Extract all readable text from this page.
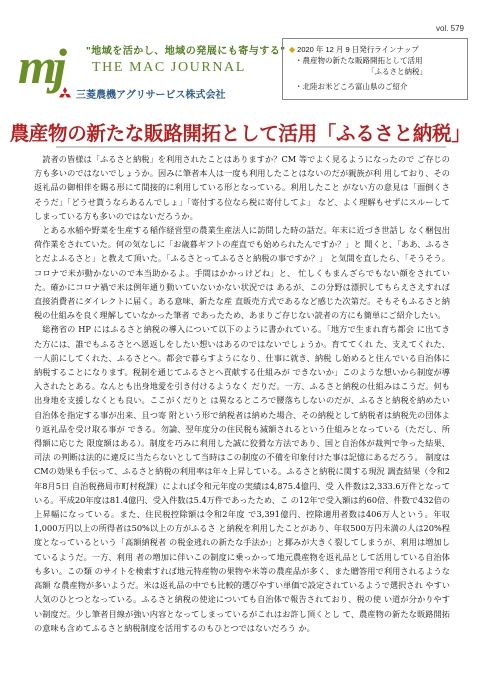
vol. 579
mj "地域を活かし、地域の発展にも寄与する"
THE MAC JOURNAL
三菱農機アグリサービス株式会社
◆ 2020 年 12 月 9 日発行ラインナップ
・農産物の新たな販路開拓として活用
「ふるさと納税」
・北陸お米どころ富山県のご紹介
農産物の新たな販路開拓として活用「ふるさと納税」

読者の皆様は「ふるさと納税」を利用されたことはありますか？CM 等でよく見るようになったので ご存じの方も多いのではないでしょうか。因みに筆者本人は一度も利用したことはないのだが親族が利 用しており、その返礼品の御相伴を賜る形にて間接的に利用している形となっている。利用したこと がない方の意見は「面倒くさそうだ」「どうせ貰うならあるんでしょ」「寄付する位なら税に寄付してよ」 など、よく理解もせずにスルーしてしまっている方も多いのではないだろうか。

とある水稲や野菜を生産する稲作経営型の農業生産法人に訪問した時の話だ。年末に近づき世話し なく梱包出荷作業をされていた。何の気なしに「お歳暮ギフトの産直でも始められたんですか？」と 聞くと、「ああ、ふるさとだよふるさと」と教えて頂いた。「ふるさとってふるさと納税の事ですか？」 と気間を直したら、「そうそう。コロナで米が動かないので本当助かるよ。手間はかかっけどね」と、 忙しくもまんざらでもない顔をされていた。確かにコロナ禍で米は例年通り動いていないかない状況では あるが、この分野は漂択してもらえさえすれば直接消費者にダイレクトに届く。ある意味、新たな産 直販売方式であるなど感じた次第だ。そもそもふるさと納税の仕組みを良く理解していなかった筆者 であったため、あまりご存じない読者の方にも簡単にご紹介したい。

総務省の HP にはふるさと納税の導入について以下のように書かれている。「地方で生まれ育ち都会 に出てきた方には、誰でもふるさとへ恩返しをしたい想いはあるのではないでしょうか。育ててくれ た、支えてくれた、一人前にしてくれた、ふるさとへ。都会で暮らすようになり、仕事に就き、納税 し始めると住んでいる自治体に納税することになります。税制を通じてふるさとへ貢献する仕組みが できないか」このような想いから制度が導入されたとある。なんとも出身地愛を引き付けるようなく だりだ。一方、ふるさと納税の仕組みはこうだ。何も出身地を支援しなくとも良い。ここがくだりと は異なるところで腰落ちしないのだが、ふるさと納税を納めたい自治体を指定する事が出来、且つ寄 附という形で納税者は納めた場合、その納税として納税者は納税先の団体より返礼品を受け取る事が できる。勿論、翌年度分の住民税も減額されるという仕組みとなっている（ただし、所得額に応じた 限度額はある）。制度を巧みに利用した誠に狡猾な方法であり、国と自治体が裁判で争った結果、司法 の判断は法的に違反に当たらないとして当時はこの制度の不備を印象付けた事は記憶にあるだろう。 制度はCMの効果も手伝って、ふるさと納税の利用率は年々上昇している。ふるさと納税に関する現況 調査結果（令和2年8月5日 自治税務局市町村税課）によれば令和元年度の実績は4,875.4億円、受 入件数は2,333.6万件となっている。平成20年度は81.4億円、受入件数は5.4万件であったため、こ の12年で受入額は約60倍、件数で432倍の上昇幅になっている。また、住民税控除額は令和2年度 で3,391億円、控除適用者数は406万人という。年収1,000万円以上の所得者は50%以上の方がふるさ と納税を利用したことがあり、年収500万円未満の人は20%程度となっているという「高額納税者 の税金逃れの新たな手法か」と揶みが大きく裂してしまうが、利用は増加しているようだ。一方、利用 者の増加に伴いこの制度に乗っかって地元農産物を返礼品として活用している自治体も多い。この類 のサイトを検索すれば地元特産物の果物や米等の農産品が多く、また贈答用で利用されるような高額 な農産物が多いようだ。米は返礼品の中でも比較的選びやすい単価で設定されているようで選択され やすい人気のひとつとなっている。ふるさと納税の使途についても自治体で報告されており、税の使 い道が分かりやすい制度だ。少し筆者目線が強い内容となってしまっているがこれはお許し頂くとし て、農産物の新たな販路開拓の意味も含めてふるさと納税制度を活用するのもひとつではないだろう か。
